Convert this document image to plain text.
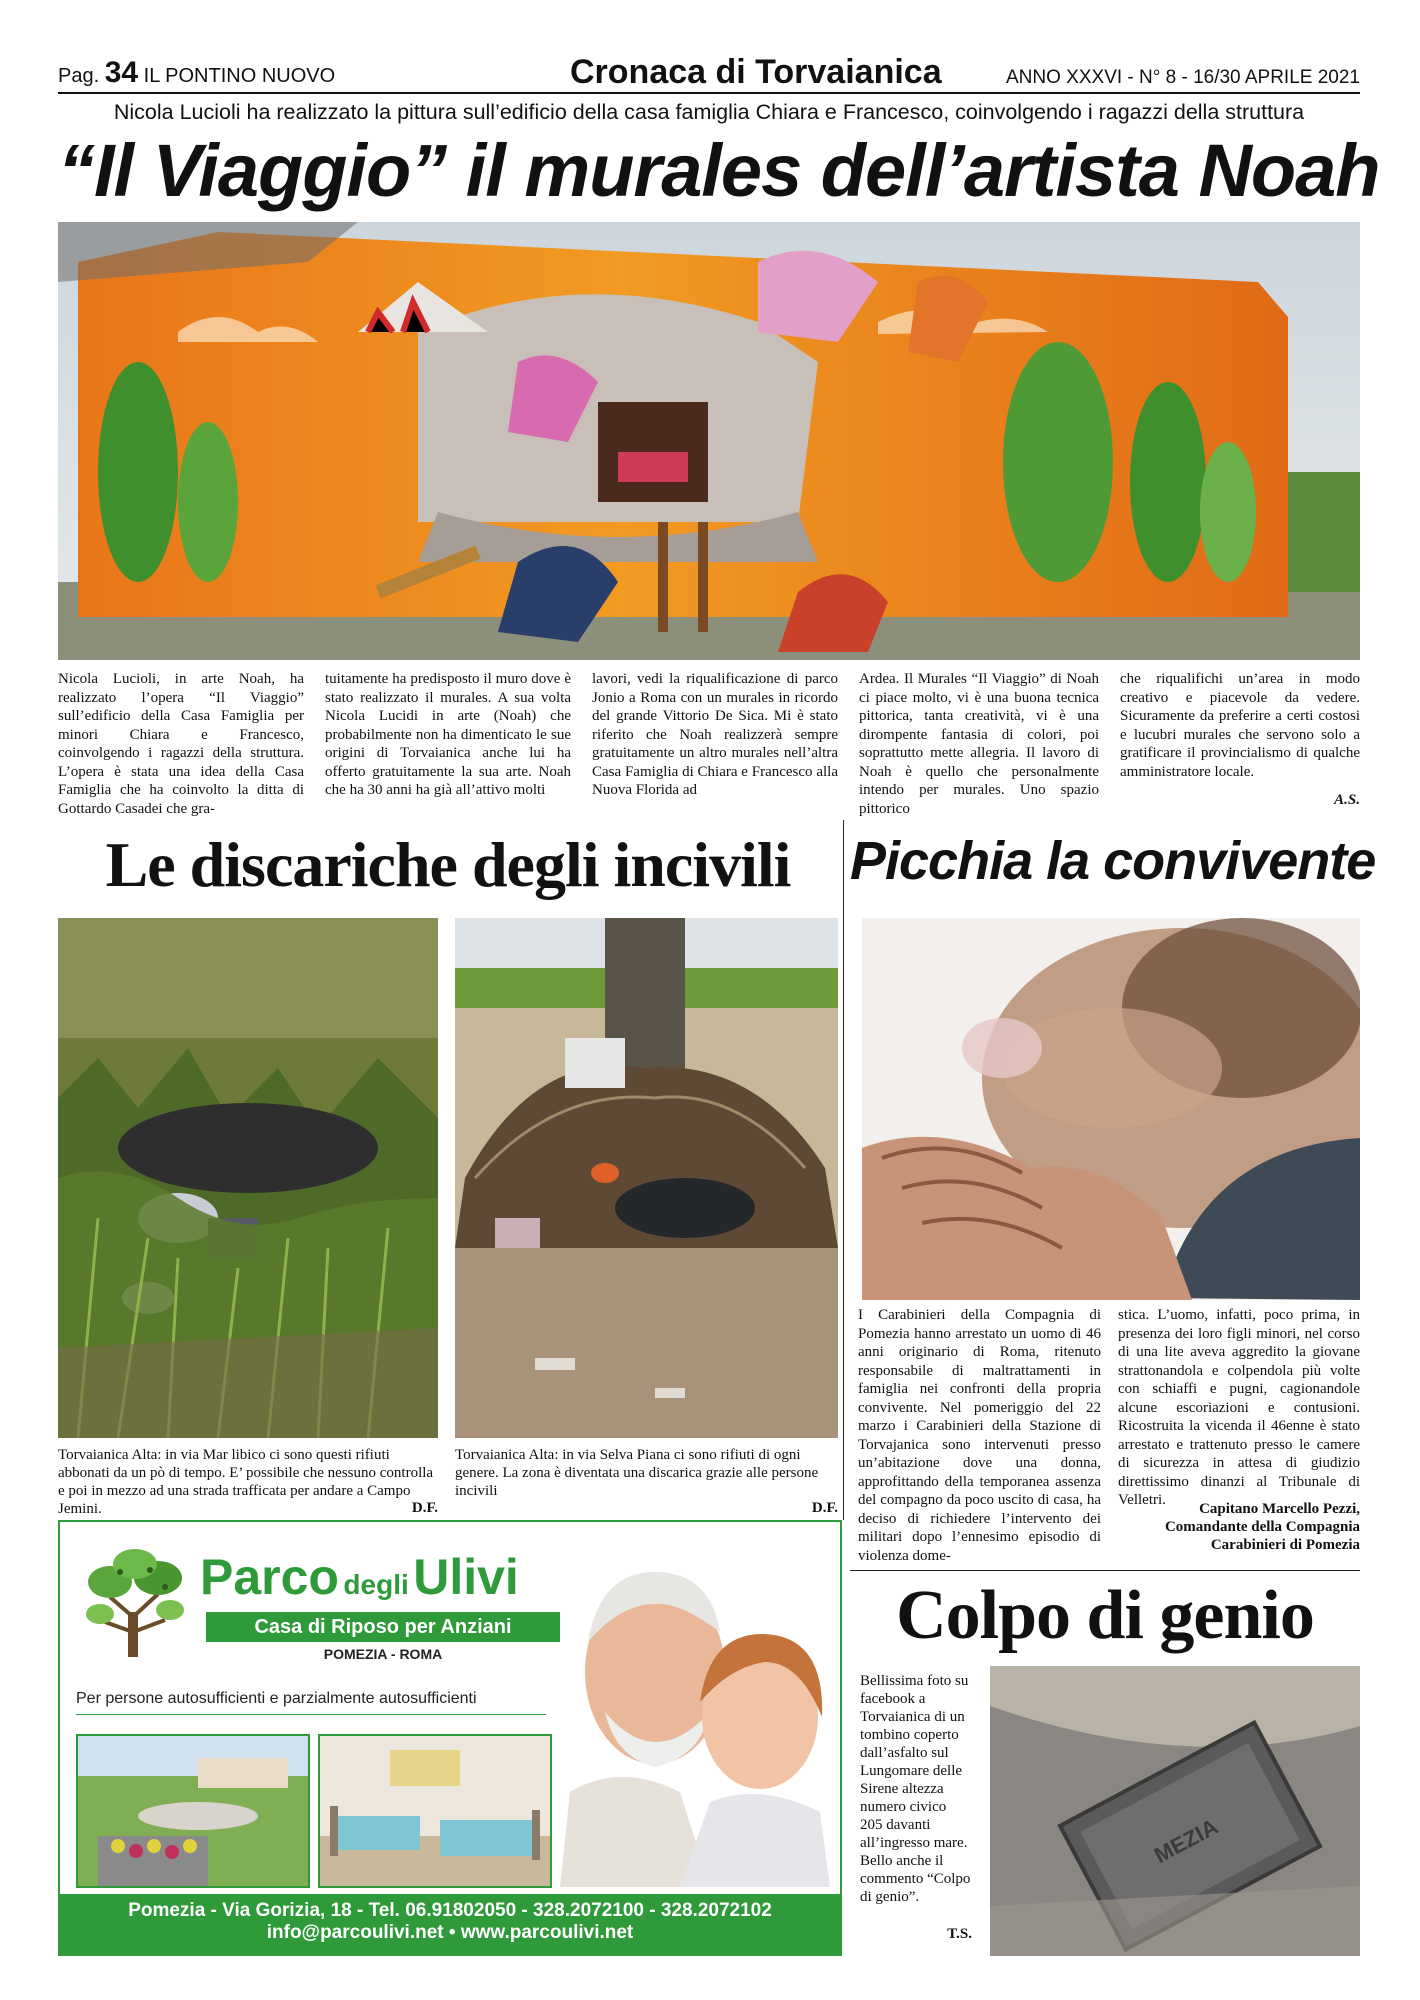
Pag. 34 IL PONTINO NUOVO	Cronaca di Torvaianica	ANNO XXXVI - N° 8 - 16/30 APRILE 2021
Nicola Lucioli ha realizzato la pittura sull’edificio della casa famiglia Chiara e Francesco, coinvolgendo i ragazzi della struttura
“Il Viaggio” il murales dell’artista Noah
Nicola Lucioli, in arte Noah, ha realizzato l’opera “Il Viaggio” sull’edificio della Casa Famiglia per minori Chiara e Francesco, coinvolgendo i ragazzi della struttura. L’opera è stata una idea della Casa Famiglia che ha coinvolto la ditta di Gottardo Casadei che gra-
tuitamente ha predisposto il muro dove è stato realizzato il murales. A sua volta Nicola Lucidi in arte (Noah) che probabilmente non ha dimenticato le sue origini di Torvaianica anche lui ha offerto gratuitamente la sua arte. Noah che ha 30 anni ha già all’attivo molti
lavori, vedi la riqualificazione di parco Jonio a Roma con un murales in ricordo del grande Vittorio De Sica. Mi è stato riferito che Noah realizzerà sempre gratuitamente un altro murales nell’altra Casa Famiglia di Chiara e Francesco alla Nuova Florida ad
Ardea. Il Murales “Il Viaggio” di Noah ci piace molto, vi è una buona tecnica pittorica, tanta creatività, vi è una dirompente fantasia di colori, poi soprattutto mette allegria. Il lavoro di Noah è quello che personalmente intendo per murales. Uno spazio pittorico
che riqualifichi un’area in modo creativo e piacevole da vedere. Sicuramente da preferire a certi costosi e lucubri murales che servono solo a gratificare il provincialismo di qualche amministratore locale.
A.S.
Le discariche degli incivili
Torvaianica Alta: in via Mar libico ci sono questi rifiuti abbonati da un pò di tempo. E’ possibile che nessuno controlla e poi in mezzo ad una strada trafficata per andare a Campo Jemini.	D.F.
Torvaianica Alta: in via Selva Piana ci sono rifiuti di ogni genere. La zona è diventata una discarica grazie alle persone incivili
D.F.
Picchia la convivente
I Carabinieri della Compagnia di Pomezia hanno arrestato un uomo di 46 anni originario di Roma, ritenuto responsabile di maltrattamenti in famiglia nei confronti della propria convivente. Nel pomeriggio del 22 marzo i Carabinieri della Stazione di Torvajanica sono intervenuti presso un’abitazione dove una donna, approfittando della temporanea assenza del compagno da poco uscito di casa, ha deciso di richiedere l’intervento dei militari dopo l’ennesimo episodio di violenza dome-
stica. L’uomo, infatti, poco prima, in presenza dei loro figli minori, nel corso di una lite aveva aggredito la giovane strattonandola e colpendola più volte con schiaffi e pugni, cagionandole alcune escoriazioni e contusioni. Ricostruita la vicenda il 46enne è stato arrestato e trattenuto presso le camere di sicurezza in attesa di giudizio direttissimo dinanzi al Tribunale di Velletri.
Capitano Marcello Pezzi,
Comandante della Compagnia
Carabinieri di Pomezia
Colpo di genio
Bellissima foto su facebook a Torvaianica di un tombino coperto dall’asfalto sul Lungomare delle Sirene altezza numero civico 205 davanti all’ingresso mare. Bello anche il commento “Colpo di genio”.
T.S.
MEZIA
Parco degli Ulivi
Casa di Riposo per Anziani
POMEZIA - ROMA
Per persone autosufficienti e parzialmente autosufficienti
Pomezia - Via Gorizia, 18 - Tel. 06.91802050 - 328.2072100 - 328.2072102
info@parcoulivi.net • www.parcoulivi.net
